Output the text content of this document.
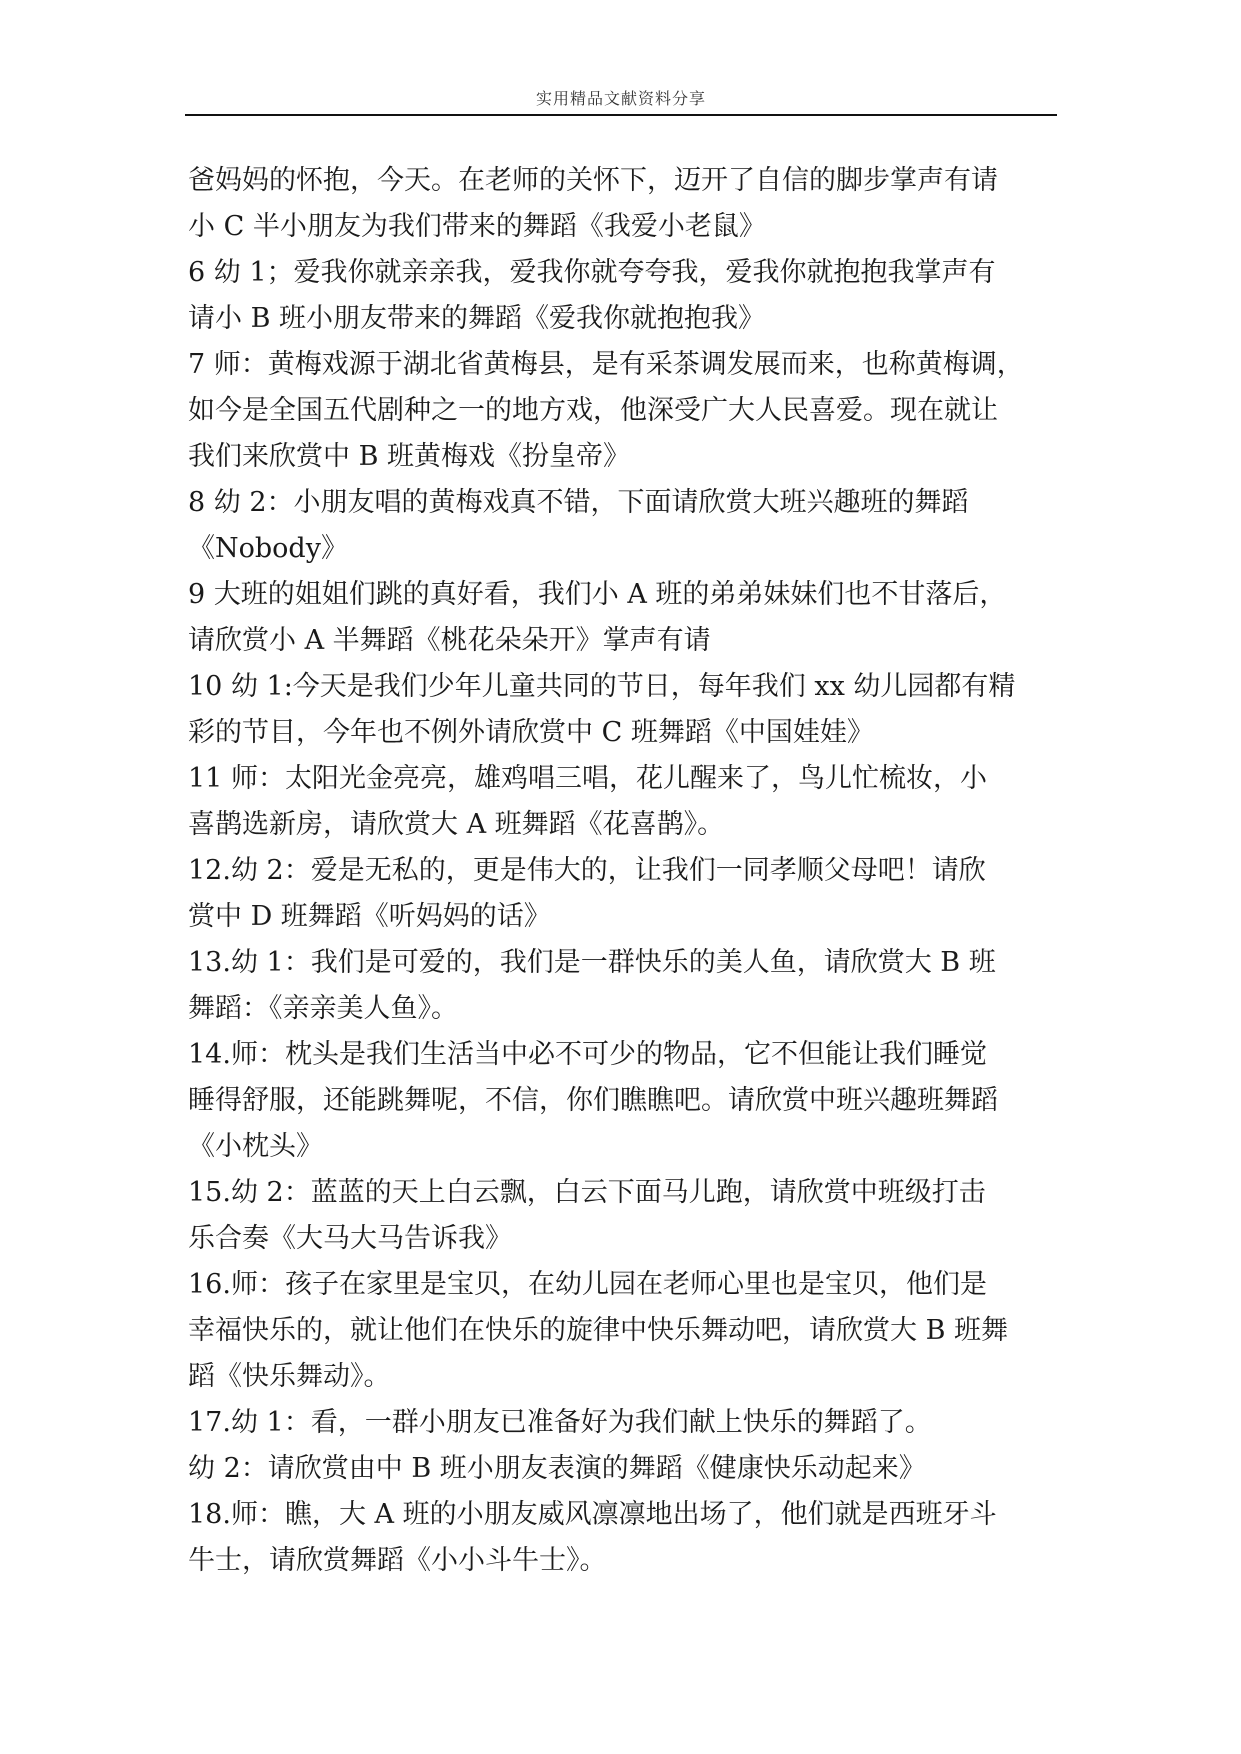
实用精品文献资料分享
爸妈妈的怀抱，今天。在老师的关怀下，迈开了自信的脚步掌声有请
小 C 半小朋友为我们带来的舞蹈《我爱小老鼠》
6 幼 1；爱我你就亲亲我，爱我你就夸夸我，爱我你就抱抱我掌声有
请小 B 班小朋友带来的舞蹈《爱我你就抱抱我》
7 师：黄梅戏源于湖北省黄梅县，是有采茶调发展而来，也称黄梅调，
如今是全国五代剧种之一的地方戏，他深受广大人民喜爱。现在就让
我们来欣赏中 B 班黄梅戏《扮皇帝》
8 幼 2：小朋友唱的黄梅戏真不错，下面请欣赏大班兴趣班的舞蹈
《Nobody》
9 大班的姐姐们跳的真好看，我们小 A 班的弟弟妹妹们也不甘落后，
请欣赏小 A 半舞蹈《桃花朵朵开》掌声有请
10 幼 1:今天是我们少年儿童共同的节日，每年我们 xx 幼儿园都有精
彩的节目，今年也不例外请欣赏中 C 班舞蹈《中国娃娃》
11 师：太阳光金亮亮，雄鸡唱三唱，花儿醒来了，鸟儿忙梳妆，小
喜鹊选新房，请欣赏大 A 班舞蹈《花喜鹊》。
12.幼 2：爱是无私的，更是伟大的，让我们一同孝顺父母吧！请欣
赏中 D 班舞蹈《听妈妈的话》
13.幼 1：我们是可爱的，我们是一群快乐的美人鱼，请欣赏大 B 班
舞蹈：《亲亲美人鱼》。
14.师：枕头是我们生活当中必不可少的物品，它不但能让我们睡觉
睡得舒服，还能跳舞呢，不信，你们瞧瞧吧。请欣赏中班兴趣班舞蹈
《小枕头》
15.幼 2：蓝蓝的天上白云飘，白云下面马儿跑，请欣赏中班级打击
乐合奏《大马大马告诉我》
16.师：孩子在家里是宝贝，在幼儿园在老师心里也是宝贝，他们是
幸福快乐的，就让他们在快乐的旋律中快乐舞动吧，请欣赏大 B 班舞
蹈《快乐舞动》。
17.幼 1：看，一群小朋友已准备好为我们献上快乐的舞蹈了。
幼 2：请欣赏由中 B 班小朋友表演的舞蹈《健康快乐动起来》
18.师：瞧，大 A 班的小朋友威风凛凛地出场了，他们就是西班牙斗
牛士，请欣赏舞蹈《小小斗牛士》。
